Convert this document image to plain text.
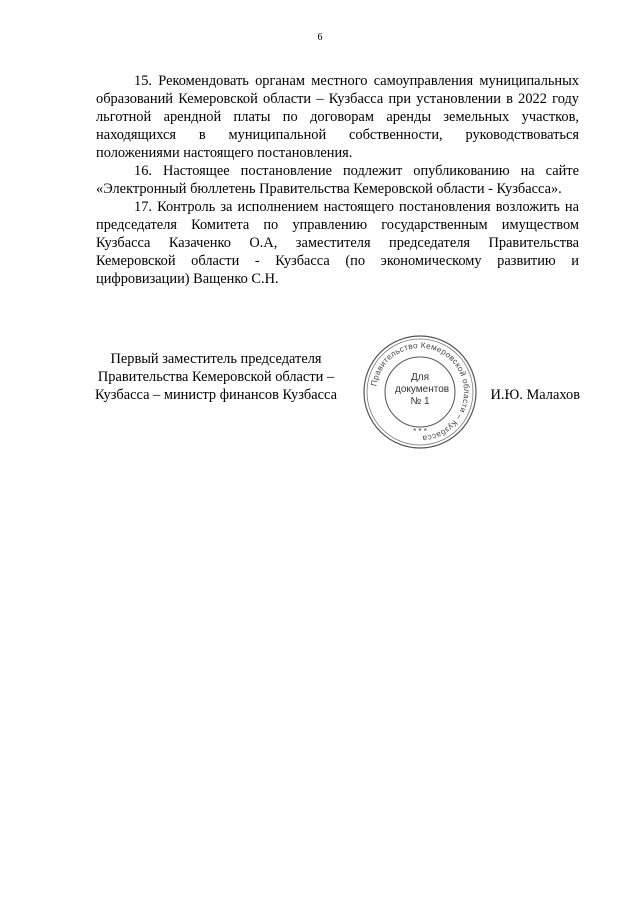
6

15. Рекомендовать органам местного самоуправления муниципальных образований Кемеровской области – Кузбасса при установлении в 2022 году льготной арендной платы по договорам аренды земельных участков, находящихся в муниципальной собственности, руководствоваться положениями настоящего постановления.

16. Настоящее постановление подлежит опубликованию на сайте «Электронный бюллетень Правительства Кемеровской области - Кузбасса».

17. Контроль за исполнением настоящего постановления возложить на председателя Комитета по управлению государственным имуществом Кузбасса Казаченко О.А, заместителя председателя Правительства Кемеровской области - Кузбасса (по экономическому развитию и цифровизации) Ващенко С.Н.

Первый заместитель председателя
Правительства Кемеровской области –
Кузбасса – министр финансов Кузбасса
Правительство Кемеровской области – Кузбасса
* * *
Для
документов
№ 1	И.Ю. Малахов
